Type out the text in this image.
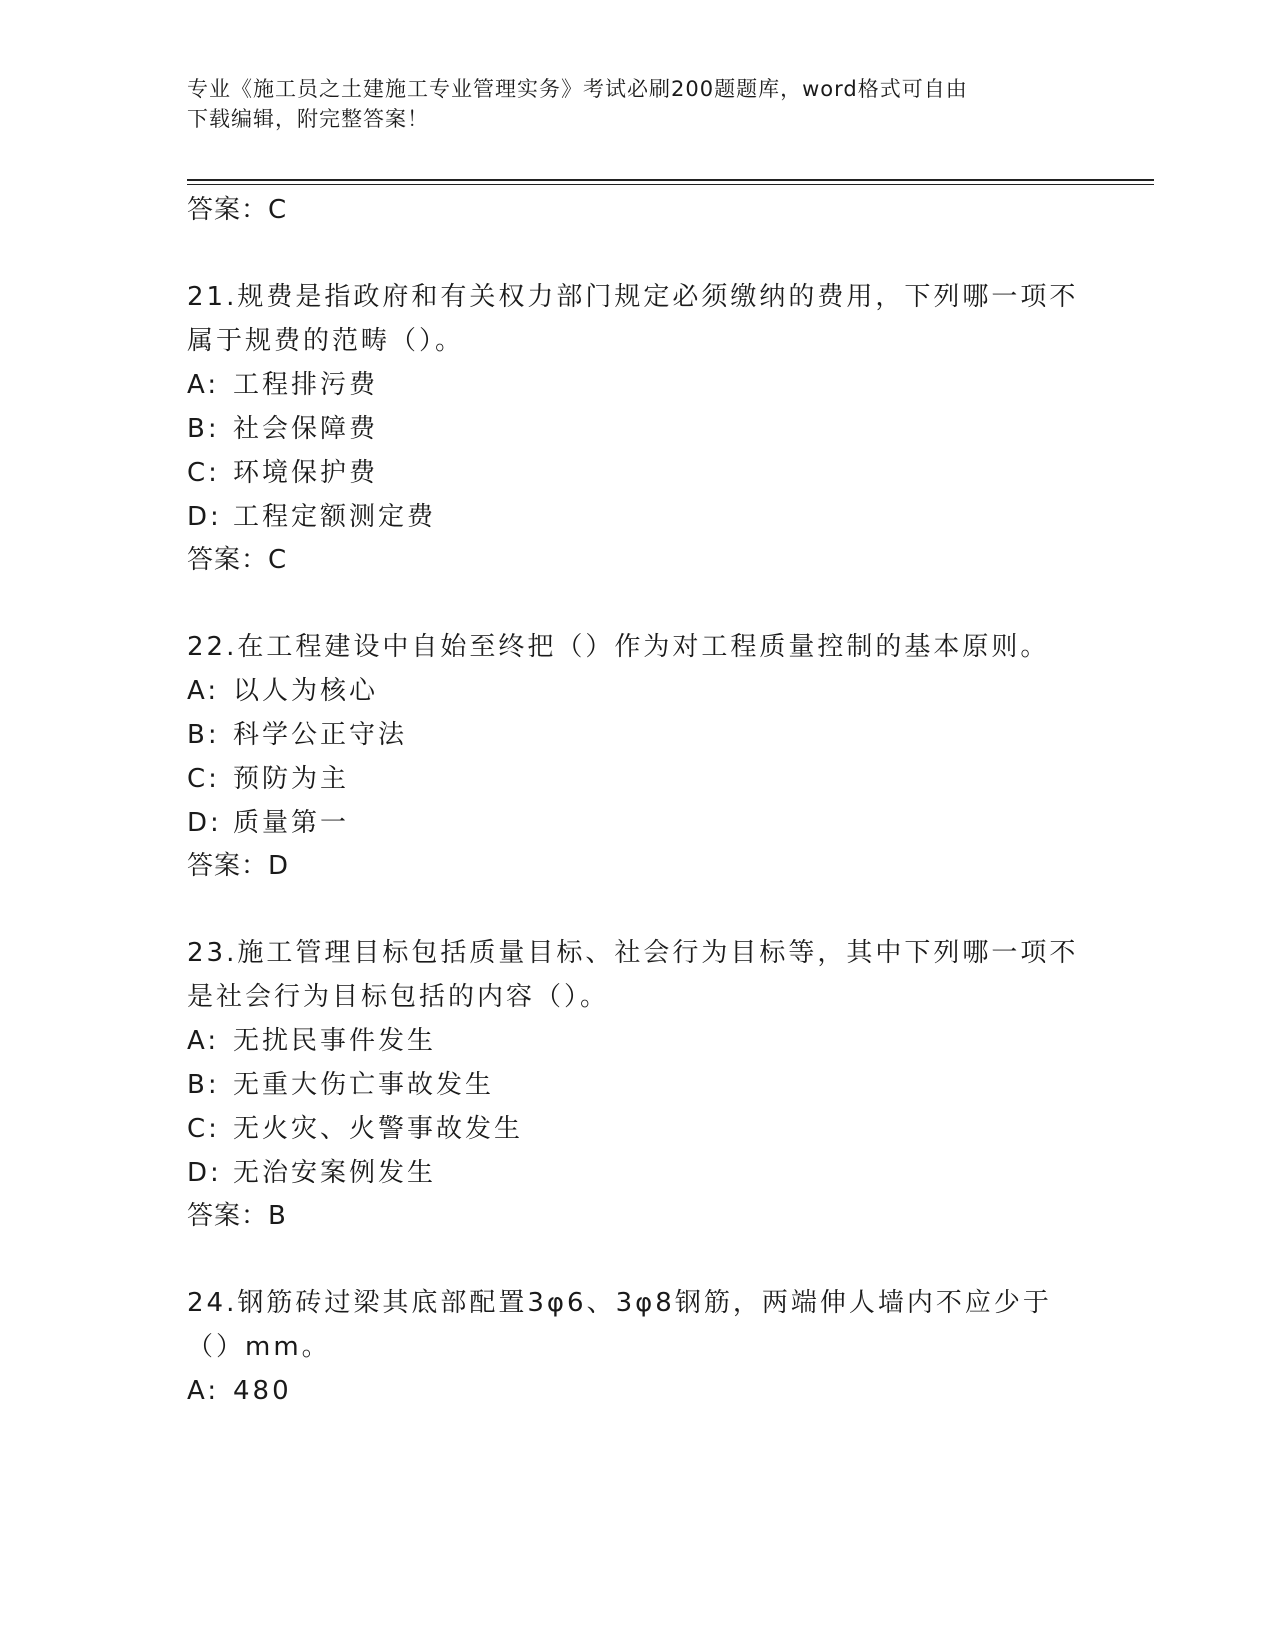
专业《施工员之土建施工专业管理实务》考试必刷200题题库，word格式可自由
下载编辑，附完整答案！
答案：C
21.规费是指政府和有关权力部门规定必须缴纳的费用，下列哪一项不
属于规费的范畴（）。
A: 工程排污费
B: 社会保障费
C: 环境保护费
D: 工程定额测定费
答案：C
22.在工程建设中自始至终把（）作为对工程质量控制的基本原则。
A: 以人为核心
B: 科学公正守法
C: 预防为主
D: 质量第一
答案：D
23.施工管理目标包括质量目标、社会行为目标等，其中下列哪一项不
是社会行为目标包括的内容（）。
A: 无扰民事件发生
B: 无重大伤亡事故发生
C: 无火灾、火警事故发生
D: 无治安案例发生
答案：B
24.钢筋砖过梁其底部配置3φ6、3φ8钢筋，两端伸人墙内不应少于
（）mm。
A: 480
